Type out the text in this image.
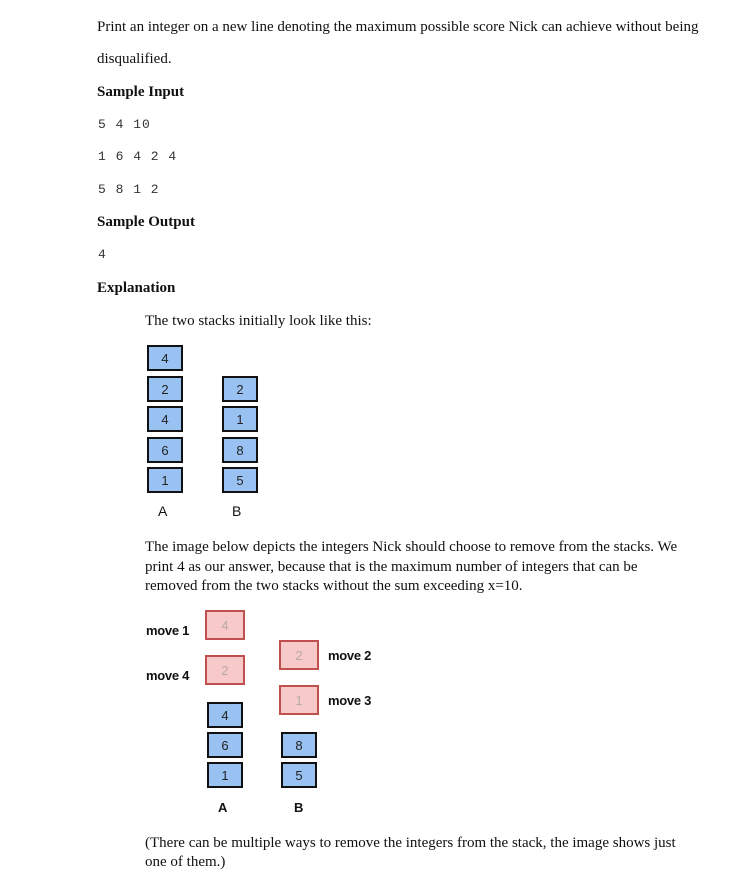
Print an integer on a new line denoting the maximum possible score Nick can achieve without being
disqualified.
Sample Input
5 4 10
1 6 4 2 4
5 8 1 2
Sample Output
4
Explanation
The two stacks initially look like this:
4
2
4
6
1
A
2
1
8
5
B
The image below depicts the integers Nick should choose to remove from the stacks. We
print 4 as our answer, because that is the maximum number of integers that can be
removed from the two stacks without the sum exceeding x=10.
move 1
move 4
move 2
move 3
4
2
2
1
4
6
1
8
5
A	B
(There can be multiple ways to remove the integers from the stack, the image shows just
one of them.)
